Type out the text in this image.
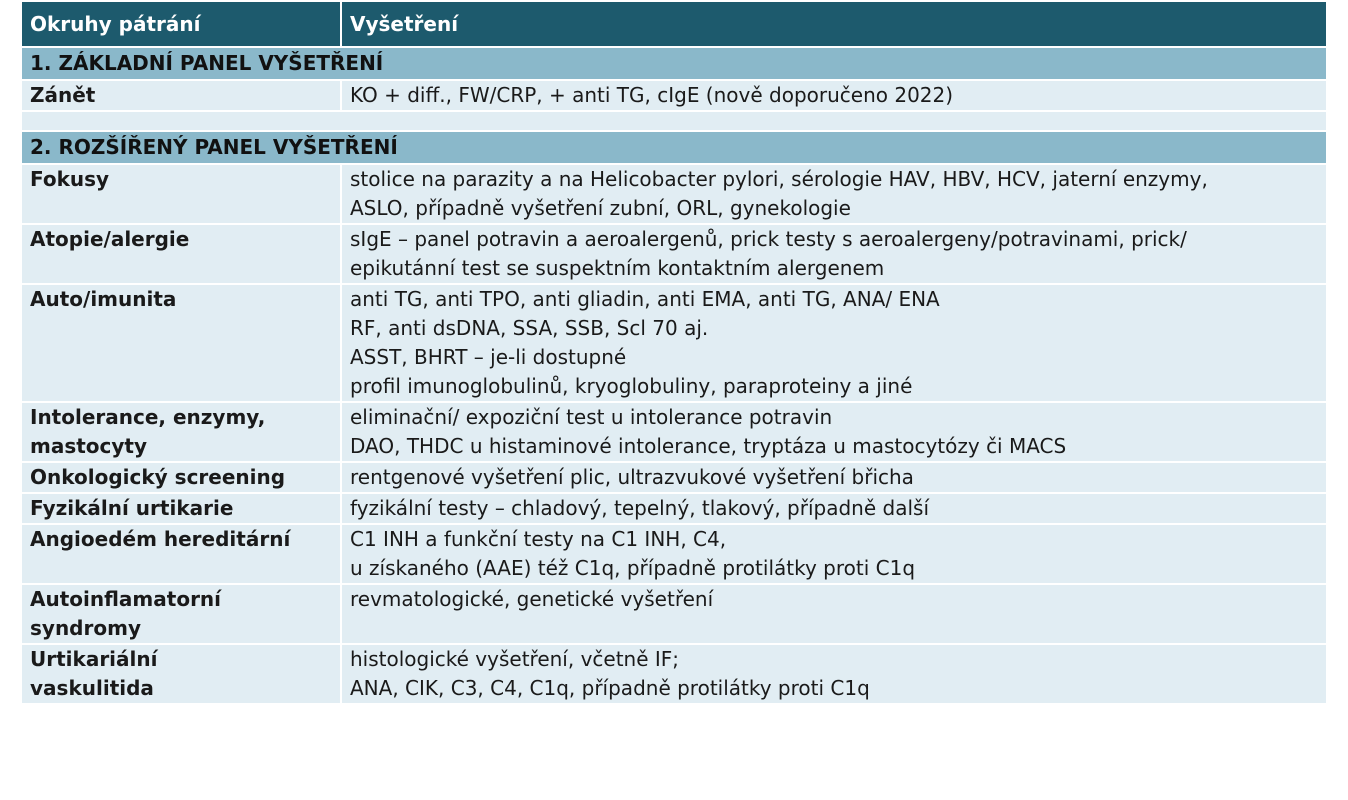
Okruhy pátrání	Vyšetření
1. ZÁKLADNÍ PANEL VYŠETŘENÍ	

Zánět	KO + diff., FW/CRP, + anti TG, cIgE (nově doporučeno 2022)

2. ROZŠÍŘENÝ PANEL VYŠETŘENÍ	

Fokusy	stolice na parazity a na Helicobacter pylori, sérologie HAV, HBV, HCV, jaterní enzymy,
ASLO, případně vyšetření zubní, ORL, gynekologie

Atopie/alergie	sIgE – panel potravin a aeroalergenů, prick testy s aeroalergeny/potravinami, prick/
epikutánní test se suspektním kontaktním alergenem

Auto/imunita	anti TG, anti TPO, anti gliadin, anti EMA, anti TG, ANA/ ENA
RF, anti dsDNA, SSA, SSB, Scl 70 aj.
ASST, BHRT – je-li dostupné
profil imunoglobulinů, kryoglobuliny, paraproteiny a jiné

Intolerance, enzymy,
mastocyty	eliminační/ expoziční test u intolerance potravin
DAO, THDC u histaminové intolerance, tryptáza u mastocytózy či MACS

Onkologický screening	rentgenové vyšetření plic, ultrazvukové vyšetření břicha

Fyzikální urtikarie	fyzikální testy – chladový, tepelný, tlakový, případně další

Angioedém hereditární	C1 INH a funkční testy na C1 INH, C4,
u získaného (AAE) též C1q, případně protilátky proti C1q

Autoinflamatorní
syndromy	revmatologické, genetické vyšetření

Urtikariální
vaskulitida	histologické vyšetření, včetně IF;
ANA, CIK, C3, C4, C1q, případně protilátky proti C1q
